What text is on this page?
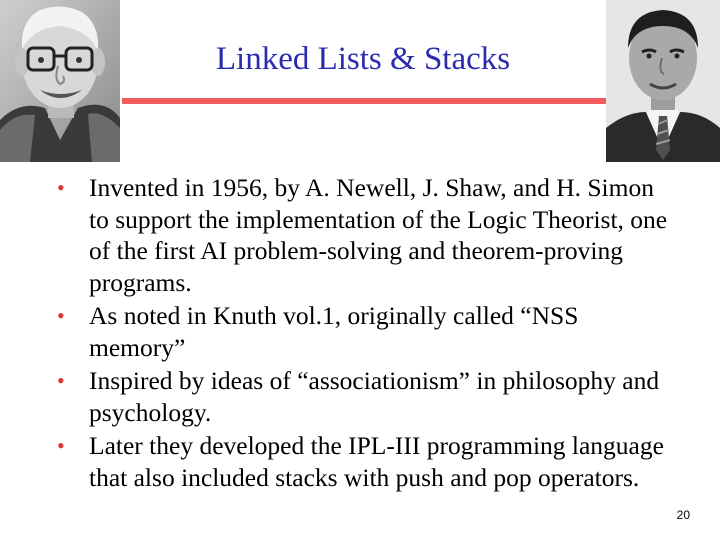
Linked Lists & Stacks
• Invented in 1956, by A. Newell, J. Shaw, and H. Simon to support the implementation of the Logic Theorist, one of the first AI problem-solving and theorem-proving programs.
• As noted in Knuth vol.1, originally called “NSS memory”
• Inspired by ideas of “associationism” in philosophy and psychology.
• Later they developed the IPL-III programming language that also included stacks with push and pop operators.
20
